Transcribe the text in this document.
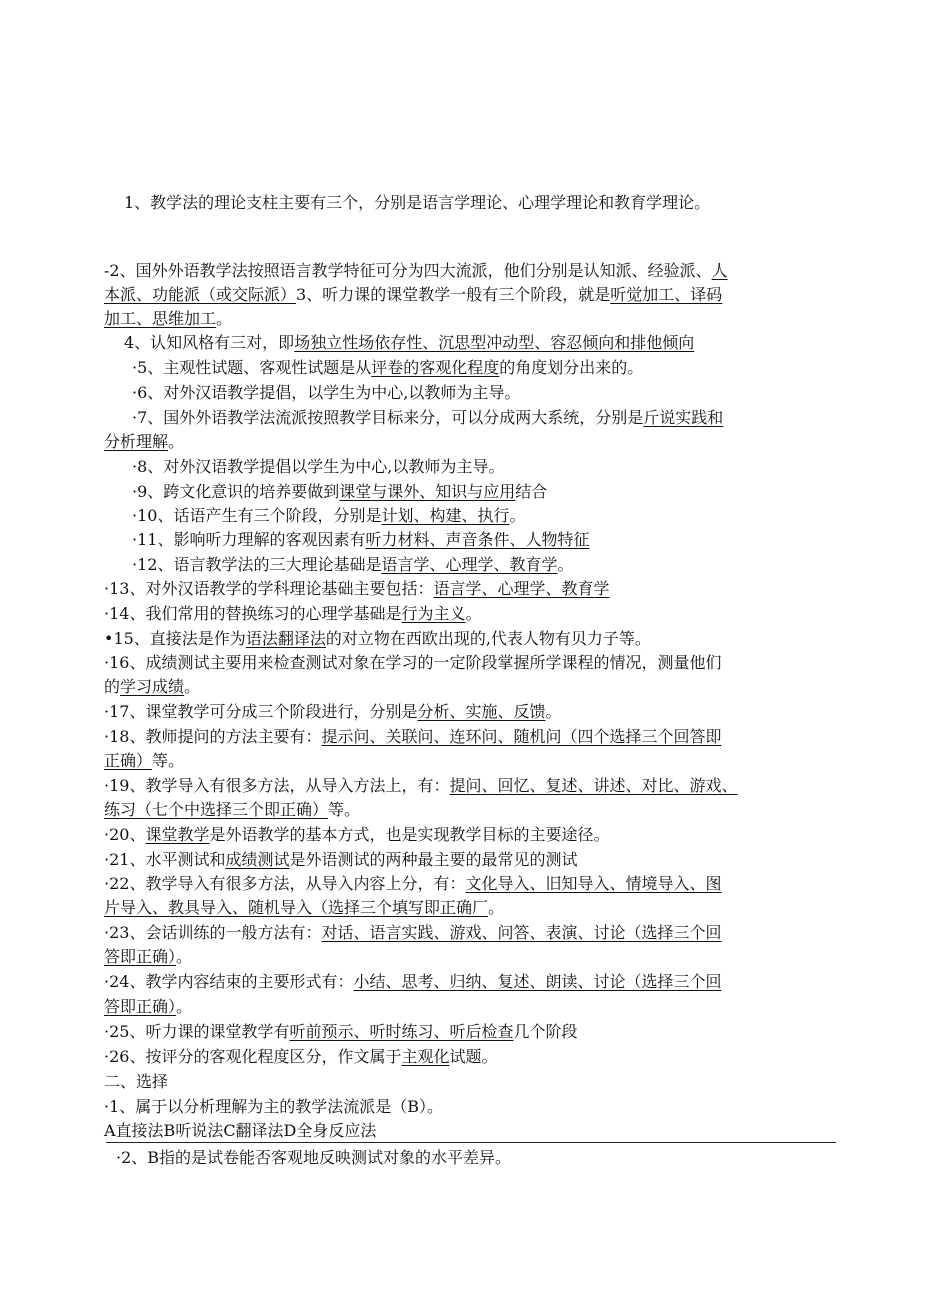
1、教学法的理论支柱主要有三个，分别是语言学理论、心理学理论和教育学理论。
-2、国外外语教学法按照语言教学特征可分为四大流派，他们分别是认知派、经验派、人
本派、功能派（或交际派）3、听力课的课堂教学一般有三个阶段，就是听觉加工、译码
加工、思维加工。
4、认知风格有三对，即场独立性场依存性、沉思型冲动型、容忍倾向和排他倾向
·5、主观性试题、客观性试题是从评卷的客观化程度的角度划分出来的。
·6、对外汉语教学提倡，以学生为中心,以教师为主导。
·7、国外外语教学法流派按照教学目标来分，可以分成两大系统，分别是斤说实践和
分析理解。
·8、对外汉语教学提倡以学生为中心,以教师为主导。
·9、跨文化意识的培养要做到课堂与课外、知识与应用结合
·10、话语产生有三个阶段，分别是计划、构建、执行。
·11、影响听力理解的客观因素有听力材料、声音条件、人物特征
·12、语言教学法的三大理论基础是语言学、心理学、教育学。
·13、对外汉语教学的学科理论基础主要包括：语言学、心理学、教育学
·14、我们常用的替换练习的心理学基础是行为主义。
•15、直接法是作为语法翻译法的对立物在西欧出现的,代表人物有贝力子等。
·16、成绩测试主要用来检查测试对象在学习的一定阶段掌握所学课程的情况，测量他们
的学习成绩。
·17、课堂教学可分成三个阶段进行，分别是分析、实施、反馈。
·18、教师提问的方法主要有：提示问、关联问、连环问、随机问（四个选择三个回答即
正确）等。
·19、教学导入有很多方法，从导入方法上，有：提问、回忆、复述、讲述、对比、游戏、
练习（七个中选择三个即正确）等。
·20、课堂教学是外语教学的基本方式，也是实现教学目标的主要途径。
·21、水平测试和成绩测试是外语测试的两种最主要的最常见的测试
·22、教学导入有很多方法，从导入内容上分，有：文化导入、旧知导入、情境导入、图
片导入、教具导入、随机导入（选择三个填写即正确厂。
·23、会话训练的一般方法有：对话、语言实践、游戏、问答、表演、讨论（选择三个回
答即正确）。
·24、教学内容结束的主要形式有：小结、思考、归纳、复述、朗读、讨论（选择三个回
答即正确）。
·25、听力课的课堂教学有听前预示、听时练习、听后检查几个阶段
·26、按评分的客观化程度区分，作文属于主观化试题。
二、选择
·1、属于以分析理解为主的教学法流派是（B）。
A直接法B听说法C翻译法D全身反应法
·2、B指的是试卷能否客观地反映测试对象的水平差异。
